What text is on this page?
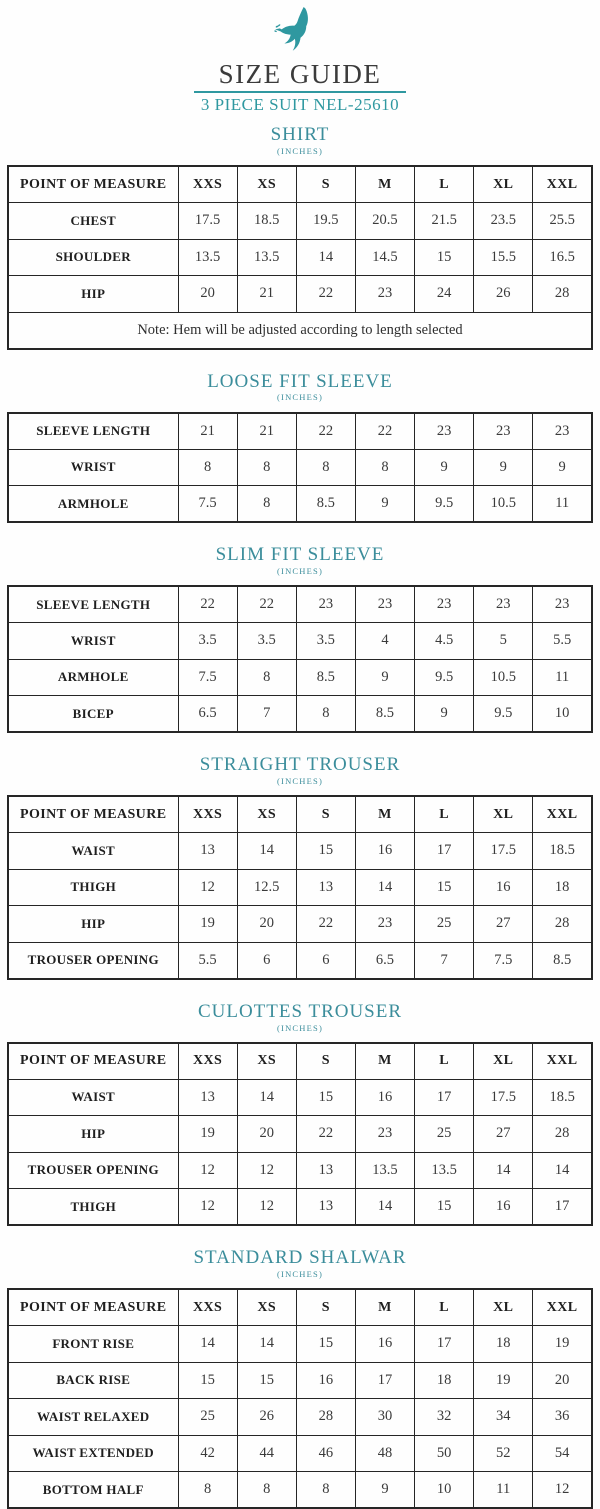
SIZE GUIDE
3 PIECE SUIT NEL-25610
SHIRT
(INCHES)
POINT OF MEASURE	XXS	XS	S	M	L	XL	XXL
CHEST	17.5	18.5	19.5	20.5	21.5	23.5	25.5
SHOULDER	13.5	13.5	14	14.5	15	15.5	16.5
HIP	20	21	22	23	24	26	28
Note: Hem will be adjusted according to length selected							
LOOSE FIT SLEEVE
(INCHES)
SLEEVE LENGTH	21	21	22	22	23	23	23
WRIST	8	8	8	8	9	9	9
ARMHOLE	7.5	8	8.5	9	9.5	10.5	11
SLIM FIT SLEEVE
(INCHES)
SLEEVE LENGTH	22	22	23	23	23	23	23
WRIST	3.5	3.5	3.5	4	4.5	5	5.5
ARMHOLE	7.5	8	8.5	9	9.5	10.5	11
BICEP	6.5	7	8	8.5	9	9.5	10
STRAIGHT TROUSER
(INCHES)
POINT OF MEASURE	XXS	XS	S	M	L	XL	XXL
WAIST	13	14	15	16	17	17.5	18.5
THIGH	12	12.5	13	14	15	16	18
HIP	19	20	22	23	25	27	28
TROUSER OPENING	5.5	6	6	6.5	7	7.5	8.5
CULOTTES TROUSER
(INCHES)
POINT OF MEASURE	XXS	XS	S	M	L	XL	XXL
WAIST	13	14	15	16	17	17.5	18.5
HIP	19	20	22	23	25	27	28
TROUSER OPENING	12	12	13	13.5	13.5	14	14
THIGH	12	12	13	14	15	16	17
STANDARD SHALWAR
(INCHES)
POINT OF MEASURE	XXS	XS	S	M	L	XL	XXL
FRONT RISE	14	14	15	16	17	18	19
BACK RISE	15	15	16	17	18	19	20
WAIST RELAXED	25	26	28	30	32	34	36
WAIST EXTENDED	42	44	46	48	50	52	54
BOTTOM HALF	8	8	8	9	10	11	12
